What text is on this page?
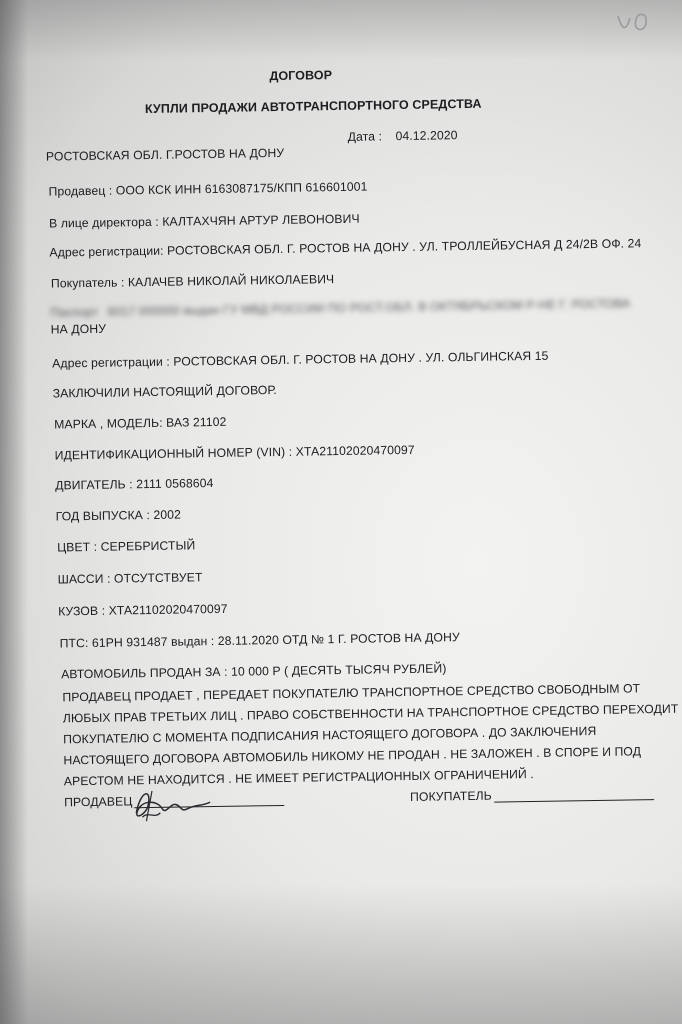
ДОГОВОР
КУПЛИ ПРОДАЖИ АВТОТРАНСПОРТНОГО СРЕДСТВА
РОСТОВСКАЯ ОБЛ. Г.РОСТОВ НА ДОНУ
Дата : 04.12.2020
Продавец : ООО КСК ИНН 6163087175/КПП 616601001
В лице директора : КАЛТАХЧЯН АРТУР ЛЕВОНОВИЧ
Адрес регистрации: РОСТОВСКАЯ ОБЛ. Г. РОСТОВ НА ДОНУ . УЛ. ТРОЛЛЕЙБУСНАЯ Д 24/2В ОФ. 24
Покупатель : КАЛАЧЕВ НИКОЛАЙ НИКОЛАЕВИЧ
Паспорт 6017 000000 выдан ГУ МВД РОССИИ ПО РОСТ.ОБЛ. В ОКТЯБРЬСКОМ Р-НЕ Г. РОСТОВА
НА ДОНУ
Адрес регистрации : РОСТОВСКАЯ ОБЛ. Г. РОСТОВ НА ДОНУ . УЛ. ОЛЬГИНСКАЯ 15
ЗАКЛЮЧИЛИ НАСТОЯЩИЙ ДОГОВОР.
МАРКА , МОДЕЛЬ: ВАЗ 21102
ИДЕНТИФИКАЦИОННЫЙ НОМЕР (VIN) : ХТА21102020470097
ДВИГАТЕЛЬ : 2111 0568604
ГОД ВЫПУСКА : 2002
ЦВЕТ : СЕРЕБРИСТЫЙ
ШАССИ : ОТСУТСТВУЕТ
КУЗОВ : ХТА21102020470097
ПТС: 61РН 931487 выдан : 28.11.2020 ОТД № 1 Г. РОСТОВ НА ДОНУ
АВТОМОБИЛЬ ПРОДАН ЗА : 10 000 Р ( ДЕСЯТЬ ТЫСЯЧ РУБЛЕЙ)
ПРОДАВЕЦ ПРОДАЕТ , ПЕРЕДАЕТ ПОКУПАТЕЛЮ ТРАНСПОРТНОЕ СРЕДСТВО СВОБОДНЫМ ОТ
ЛЮБЫХ ПРАВ ТРЕТЬИХ ЛИЦ . ПРАВО СОБСТВЕННОСТИ НА ТРАНСПОРТНОЕ СРЕДСТВО ПЕРЕХОДИТ
ПОКУПАТЕЛЮ С МОМЕНТА ПОДПИСАНИЯ НАСТОЯЩЕГО ДОГОВОРА . ДО ЗАКЛЮЧЕНИЯ
НАСТОЯЩЕГО ДОГОВОРА АВТОМОБИЛЬ НИКОМУ НЕ ПРОДАН . НЕ ЗАЛОЖЕН . В СПОРЕ И ПОД
АРЕСТОМ НЕ НАХОДИТСЯ . НЕ ИМЕЕТ РЕГИСТРАЦИОННЫХ ОГРАНИЧЕНИЙ .
ПРОДАВЕЦ	ПОКУПАТЕЛЬ
